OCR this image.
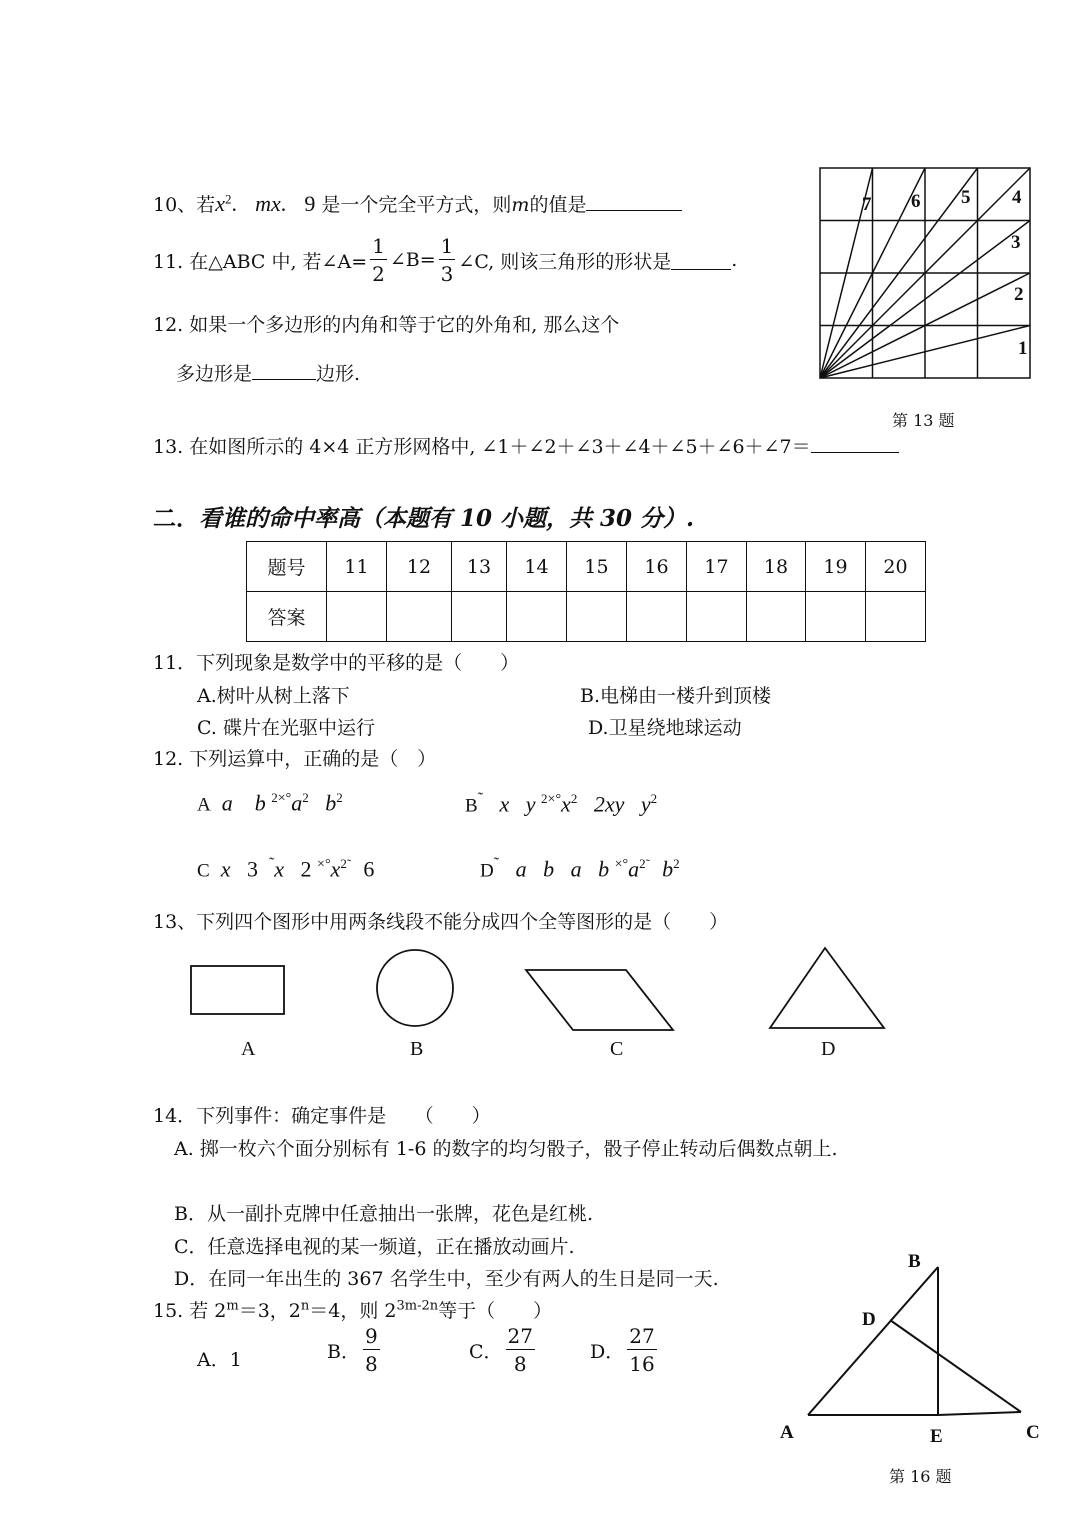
10、若$x^2$. mx. 9 是一个完全平方式，则m的值是
11. 在△ABC 中, 若∠A= $\frac{1}{2}$ ∠B= $\frac{1}{3}$ ∠C, 则该三角形的形状是	.
12. 如果一个多边形的内角和等于它的外角和, 那么这个
多边形是	边形.
1
2
3
4
5
6
7
第 13 题
13. 在如图所示的 4×4 正方形网格中, ∠1＋∠2＋∠3＋∠4＋∠5＋∠6＋∠7＝
二．看谁的命中率高（本题有 10 小题，共 30 分）.
题号	11	12	13	14	15	16	17	18	19	20
答案										
11．下列现象是数学中的平移的是（　　）
A.树叶从树上落下	B.电梯由一楼升到顶楼
C. 碟片在光驱中运行	D.卫星绕地球运动
12. 下列运算中，正确的是（　）
A a b $^{2\times^\circ}a^2$ $b^2$	B˜ x y $^{2\times^\circ}x^2$ 2xy $y^2$
C x 3 ˜x 2 $^{\times^\circ}x^{2̃}$ 6	D˜ a b a b $^{\times^\circ}a^{2̃}$ $b^2$
13、下列四个图形中用两条线段不能分成四个全等图形的是（　　）
A	B	C	D
14．下列事件：确定事件是　　（　　）
A. 掷一枚六个面分别标有 1-6 的数字的均匀骰子，骰子停止转动后偶数点朝上.
B．从一副扑克牌中任意抽出一张牌，花色是红桃.
C．任意选择电视的某一频道，正在播放动画片.
D．在同一年出生的 367 名学生中，至少有两人的生日是同一天.
15. 若 $2^m=3$，$2^n=4$，则 $2^{3m-2n}$等于（　　）
A．1	B． $\frac{9}{8}$	C． $\frac{27}{8}$	D． $\frac{27}{16}$
B
D
A	E	C
第 16 题
